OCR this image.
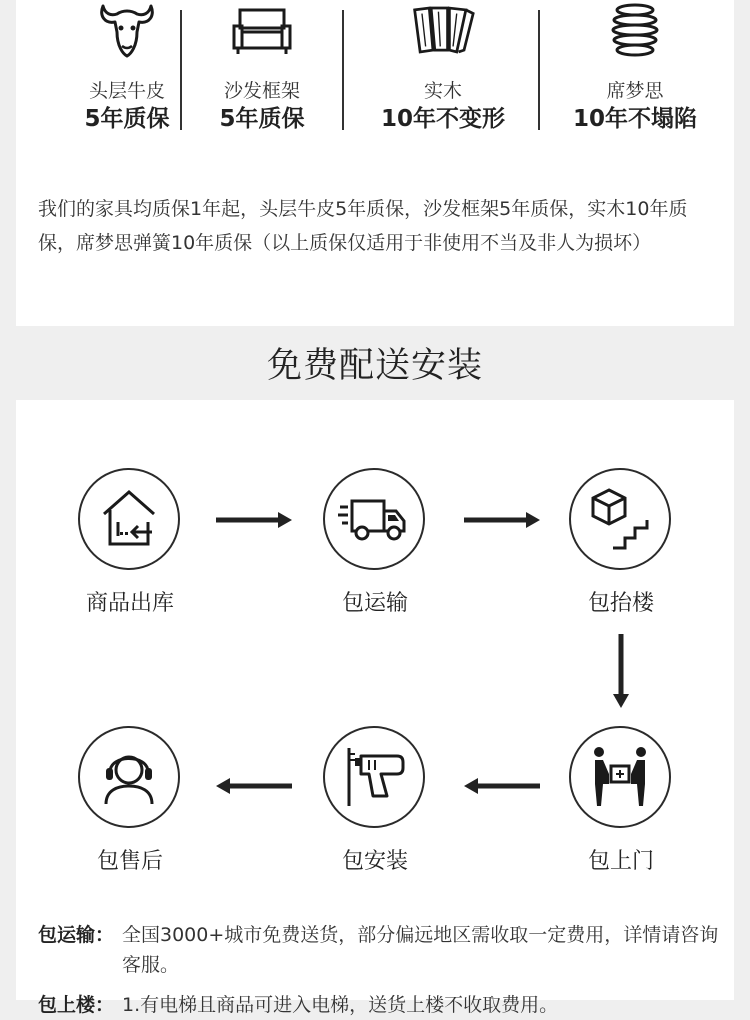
头层牛皮
5年质保
沙发框架
5年质保
实木
10年不变形
席梦思
10年不塌陷

我们的家具均质保1年起，头层牛皮5年质保，沙发框架5年质保，实木10年质保，席梦思弹簧10年质保（以上质保仅适用于非使用不当及非人为损坏）

免费配送安装
商品出库	包运输	包抬楼
包售后	包安装	包上门
包运输： 全国3000+城市免费送货，部分偏远地区需收取一定费用，详情请咨询客服。
包上楼： 1.有电梯且商品可进入电梯，送货上楼不收取费用。
